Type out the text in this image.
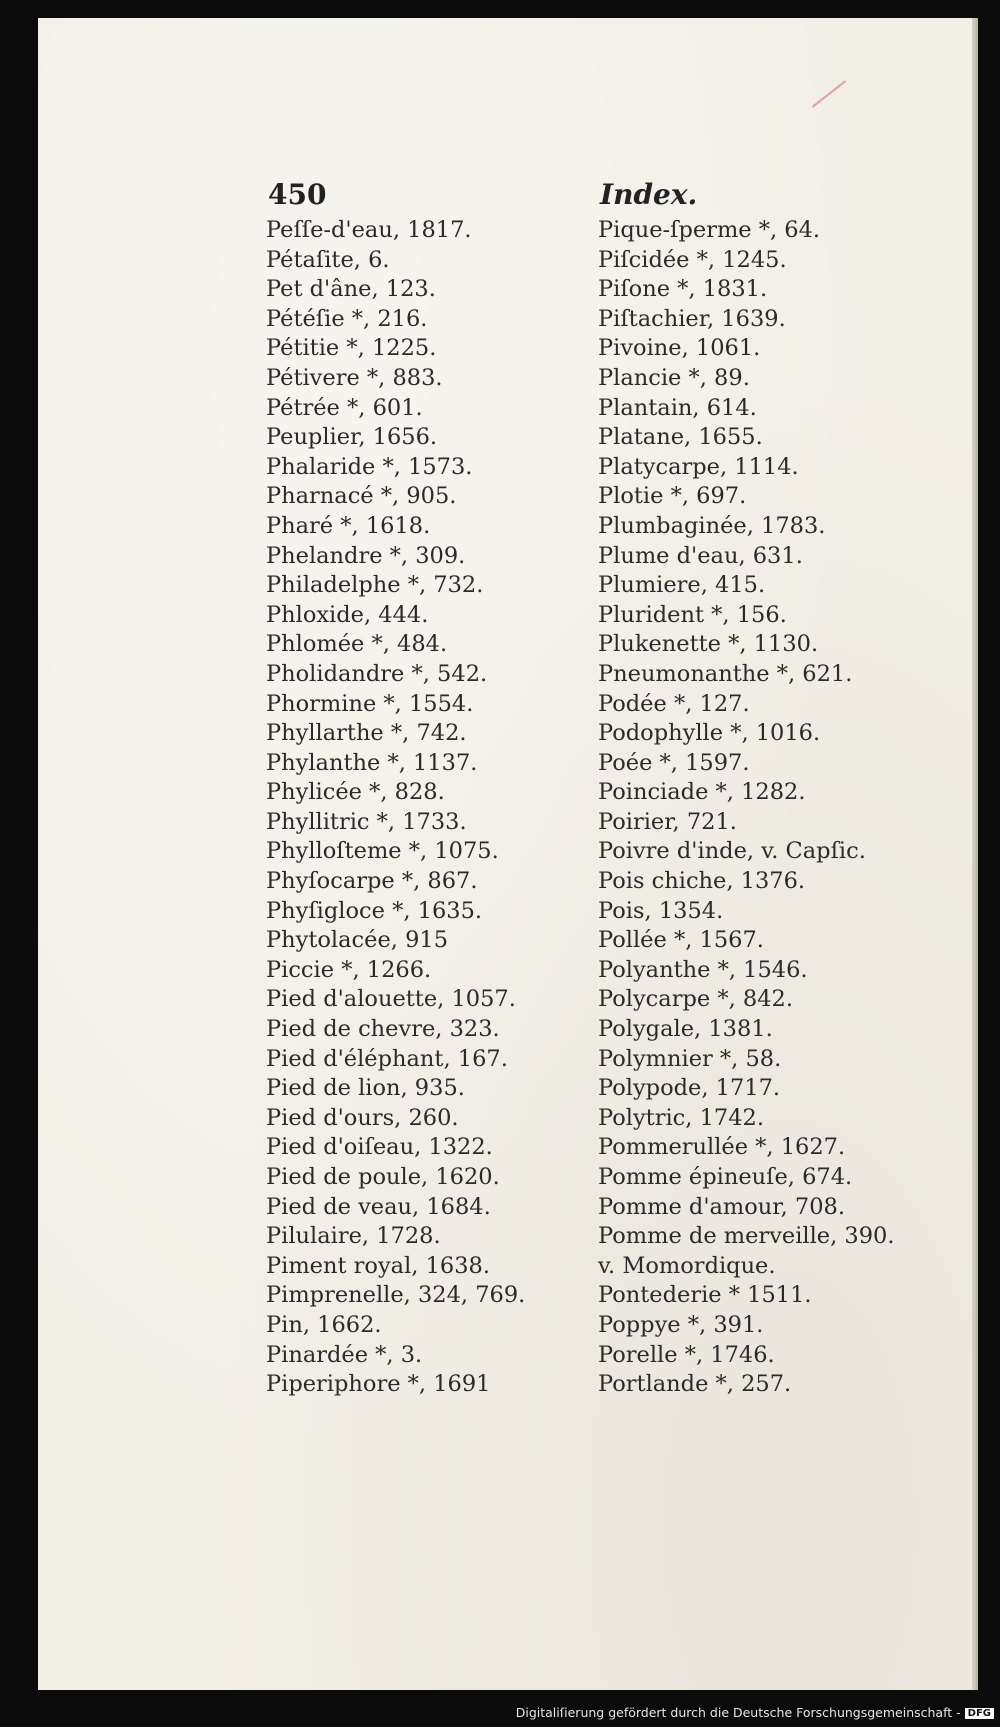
450	Index.
Peſſe-d'eau, 1817.
Pétaſite, 6.
Pet d'âne, 123.
Pétéſie *, 216.
Pétitie *, 1225.
Pétivere *, 883.
Pétrée *, 601.
Peuplier, 1656.
Phalaride *, 1573.
Pharnacé *, 905.
Pharé *, 1618.
Phelandre *, 309.
Philadelphe *, 732.
Phloxide, 444.
Phlomée *, 484.
Pholidandre *, 542.
Phormine *, 1554.
Phyllarthe *, 742.
Phylanthe *, 1137.
Phylicée *, 828.
Phyllitric *, 1733.
Phylloſteme *, 1075.
Phyſocarpe *, 867.
Phyſigloce *, 1635.
Phytolacée, 915
Piccie *, 1266.
Pied d'alouette, 1057.
Pied de chevre, 323.
Pied d'éléphant, 167.
Pied de lion, 935.
Pied d'ours, 260.
Pied d'oiſeau, 1322.
Pied de poule, 1620.
Pied de veau, 1684.
Pilulaire, 1728.
Piment royal, 1638.
Pimprenelle, 324, 769.
Pin, 1662.
Pinardée *, 3.
Piperiphore *, 1691
Pique-ſperme *, 64.
Piſcidée *, 1245.
Piſone *, 1831.
Piſtachier, 1639.
Pivoine, 1061.
Plancie *, 89.
Plantain, 614.
Platane, 1655.
Platycarpe, 1114.
Plotie *, 697.
Plumbaginée, 1783.
Plume d'eau, 631.
Plumiere, 415.
Plurident *, 156.
Plukenette *, 1130.
Pneumonanthe *, 621.
Podée *, 127.
Podophylle *, 1016.
Poée *, 1597.
Poinciade *, 1282.
Poirier, 721.
Poivre d'inde, v. Capſic.
Pois chiche, 1376.
Pois, 1354.
Pollée *, 1567.
Polyanthe *, 1546.
Polycarpe *, 842.
Polygale, 1381.
Polymnier *, 58.
Polypode, 1717.
Polytric, 1742.
Pommerullée *, 1627.
Pomme épineuſe, 674.
Pomme d'amour, 708.
Pomme de merveille, 390.
v. Momordique.
Pontederie * 1511.
Poppye *, 391.
Porelle *, 1746.
Portlande *, 257.
Digitaliſierung gefördert durch die Deutsche Forschungsgemeinschaft - DFG
